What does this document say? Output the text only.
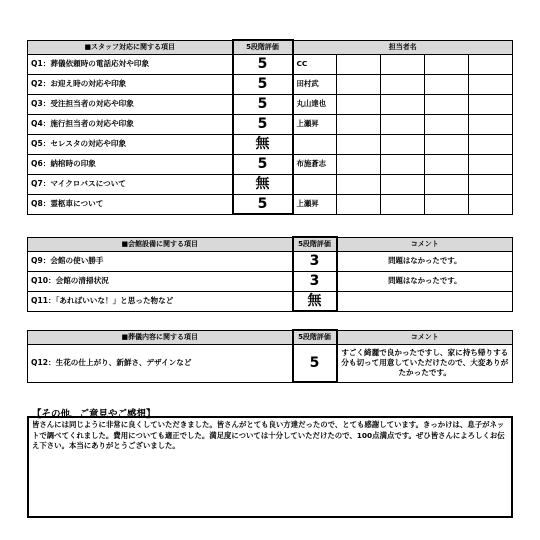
■スタッフ対応に関する項目	5段階評価	担当者名				
Q1：葬儀依頼時の電話応対や印象	5	CC				
Q2：お迎え時の対応や印象	5	田村武				
Q3：受注担当者の対応や印象	5	丸山達也				
Q4：施行担当者の対応や印象	5	上瀬昇				
Q5：セレスタの対応や印象	無					
Q6：納棺時の印象	5	布施蒼志				
Q7：マイクロバスについて	無					
Q8：霊柩車について	5	上瀬昇				
■会館設備に関する項目	5段階評価	コメント
Q9：会館の使い勝手	3	問題はなかったです。
Q10：会館の清掃状況	3	問題はなかったです。
Q11：「あればいいな！」と思った物など	無	
■葬儀内容に関する項目	5段階評価	コメント
Q12：生花の仕上がり、新鮮さ、デザインなど	5	すごく綺麗で良かったですし、家に持ち帰りする分も切って用意していただけたので、大変ありがたかったです。
【その他、ご意見やご感想】
皆さんには同じように非常に良くしていただきました。皆さんがとても良い方達だったので、とても感謝しています。きっかけは、息子がネットで調べてくれました。費用についても適正でした。満足度については十分していただけたので、100点満点です。ぜひ皆さんによろしくお伝え下さい。本当にありがとうございました。
